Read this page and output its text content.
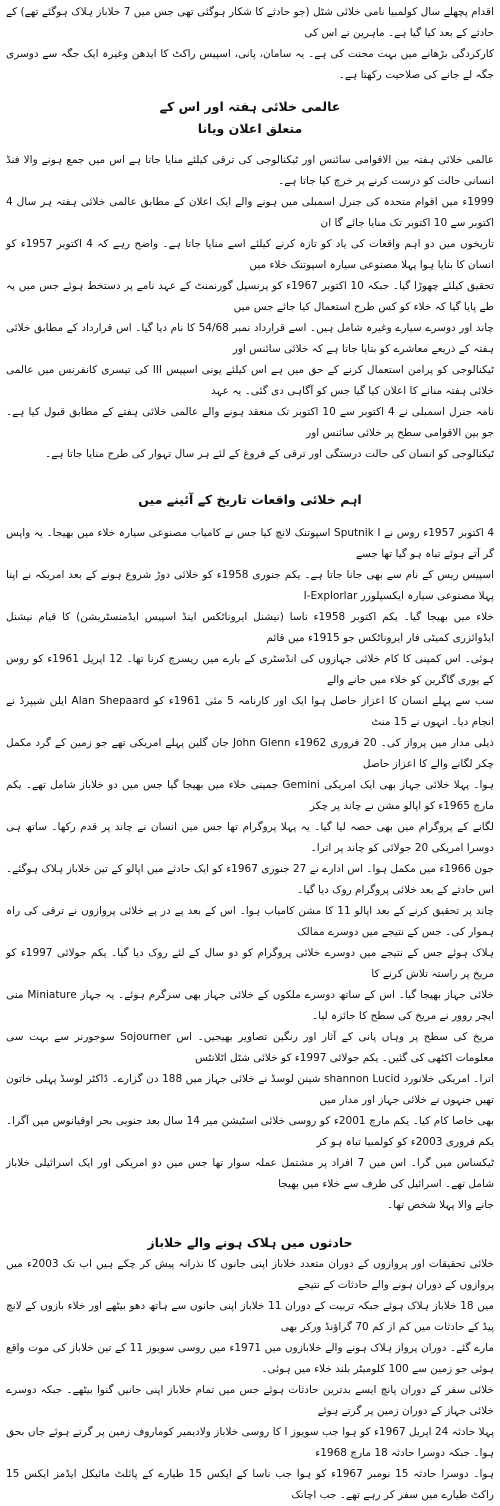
اقدام پچھلے سال کولمبیا نامی خلائی شٹل (جو حادثے کا شکار ہوگئی تھی جس میں 7 خلاباز ہلاک ہوگئے تھے) کے حادثے کے بعد کیا گیا ہے۔ ماہرین نے اس کی

کارکردگی بڑھانے میں بہت محنت کی ہے۔ یہ سامان، پانی، اسپیس راکٹ کا ایدھن وغیرہ ایک جگہ سے دوسری جگہ لے جانے کی صلاحیت رکھتا ہے۔

عالمی خلائی ہفتہ اور اس کے
متعلق اعلان ویانا

عالمی خلائی ہفتہ بین الاقوامی سائنس اور ٹیکنالوجی کی ترقی کیلئے منایا جاتا ہے اس میں جمع ہونے والا فنڈ انسانی حالت کو درست کرنے پر خرچ کیا جاتا ہے۔

1999ء میں اقوام متحدہ کی جنرل اسمبلی میں ہونے والے ایک اعلان کے مطابق عالمی خلائی ہفتہ ہر سال 4 اکتوبر سے 10 اکتوبر تک منایا جائے گا ان

تاریخوں میں دو اہم واقعات کی یاد کو تازہ کرنے کیلئے اسے منایا جاتا ہے۔ واضح رہے کہ 4 اکتوبر 1957ء کو انسان کا بنایا ہوا پہلا مصنوعی سیارہ اسپوتنک خلاء میں

تحقیق کیلئے چھوڑا گیا۔ جبکہ 10 اکتوبر 1967ء کو پرنسپل گورنمنٹ کے عہد نامے پر دستخط ہوئے جس میں یہ طے پایا گیا کہ خلاء کو کس طرح استعمال کیا جائے جس میں

چاند اور دوسرے سیارے وغیرہ شامل ہیں۔ اسے قرارداد نمبر 54/68 کا نام دیا گیا۔ اس قرارداد کے مطابق خلائی ہفتہ کے ذریعے معاشرے کو بتایا جاتا ہے کہ خلائی سائنس اور

ٹیکنالوجی کو پرامن استعمال کرنے کے حق میں ہے اس کیلئے یونی اسپیس III کی تیسری کانفرنس میں عالمی خلائی ہفتہ منانے کا اعلان کیا گیا جس کو آگاہی دی گئی۔ یہ عہد

نامہ جنرل اسمبلی نے 4 اکتوبر سے 10 اکتوبر تک منعقد ہونے والے عالمی خلائی ہفتے کے مطابق قبول کیا ہے۔ جو بین الاقوامی سطح پر خلائی سائنس اور

ٹیکنالوجی کو انسان کی حالت درستگی اور ترقی کے فروغ کے لئے ہر سال تہوار کی طرح منایا جاتا ہے۔

اہم خلائی واقعات تاریخ کے آئینے میں

4 اکتوبر 1957ء روس نے Sputnik I اسپوتنک لانچ کیا جس نے کامیاب مصنوعی سیارہ خلاء میں بھیجا۔ یہ واپس گر آتے ہوئے تباہ ہو گیا تھا جسے

اسپیس ریس کے نام سے بھی جانا جاتا ہے۔ یکم جنوری 1958ء کو خلائی دوڑ شروع ہونے کے بعد امریکہ نے اپنا پہلا مصنوعی سیارہ ایکسپلورر I-Explorlar

خلاء میں بھیجا گیا۔ یکم اکتوبر 1958ء ناسا (نیشنل ایروناٹکس اینڈ اسپیس ایڈمنسٹریشن) کا قیام نیشنل ایڈوائزری کمیٹی فار ایروناٹکس جو 1915ء میں قائم

ہوئی۔ اس کمپنی کا کام خلائی جہازوں کی انڈسٹری کے بارے میں ریسرچ کرنا تھا۔ 12 اپریل 1961ء کو روس کے یوری گاگرین کو خلاء میں جانے والے

سب سے پہلے انسان کا اعزاز حاصل ہوا ایک اور کارنامہ 5 مئی 1961ء کو Alan Shepaard ایلن شیپرڈ نے انجام دیا۔ انہوں نے 15 منٹ

ذیلی مدار میں پرواز کی۔ 20 فروری 1962ء John Glenn جان گلین پہلے امریکی تھے جو زمین کے گرد مکمل چکر لگانے والے کا اعزاز حاصل

ہوا۔ پہلا خلائی جہاز بھی ایک امریکی Gemini جمینی خلاء میں بھیجا گیا جس میں دو خلاباز شامل تھے۔ یکم مارچ 1965ء کو اپالو مشن نے چاند پر چکر

لگانے کے پروگرام میں بھی حصہ لیا گیا۔ یہ پہلا پروگرام تھا جس میں انسان نے چاند پر قدم رکھا۔ ساتھ ہی دوسرا امریکی 20 جولائی کو چاند پر اترا۔

جون 1966ء میں مکمل ہوا۔ اس ادارے نے 27 جنوری 1967ء کو ایک حادثے میں اپالو کے تین خلاباز ہلاک ہوگئے۔ اس حادثے کے بعد خلائی پروگرام روک دیا گیا۔

چاند پر تحقیق کرنے کے بعد اپالو 11 کا مشن کامیاب ہوا۔ اس کے بعد پے در پے خلائی پروازوں نے ترقی کی راہ ہموار کی۔ جس کے نتیجے میں دوسرے ممالک

ہلاک ہوئے جس کے نتیجے میں دوسرے خلائی پروگرام کو دو سال کے لئے روک دیا گیا۔ یکم جولائی 1997ء کو مریخ پر راستہ تلاش کرنے کا

خلائی جہاز بھیجا گیا۔ اس کے ساتھ دوسرے ملکوں کے خلائی جہاز بھی سرگرم ہوئے۔ یہ جہاز Miniature منی ایچر روور نے مریخ کی سطح کا جائزہ لیا۔

مریخ کی سطح پر وہاں پانی کے آثار اور رنگین تصاویر بھیجیں۔ اس Sojourner سوجورنر سے بہت سی معلومات اکٹھی کی گئیں۔ یکم جولائی 1997ء کو خلائی شٹل اٹلانٹس

اترا۔ امریکی خلانورد shannon Lucid شینن لوسڈ نے خلائی جہاز میں 188 دن گزارے۔ ڈاکٹر لوسڈ پہلی خاتون تھیں جنہوں نے خلائی جہاز اور مدار میں

بھی خاصا کام کیا۔ یکم مارچ 2001ء کو روسی خلائی اسٹیشن میر 14 سال بعد جنوبی بحر اوقیانوس میں آگرا۔ یکم فروری 2003ء کو کولمبیا تباہ ہو کر

ٹیکساس میں گرا۔ اس میں 7 افراد پر مشتمل عملہ سوار تھا جس میں دو امریکی اور ایک اسرائیلی خلاباز شامل تھے۔ اسرائیل کی طرف سے خلاء میں بھیجا

جانے والا پہلا شخص تھا۔

حادثوں میں ہلاک ہونے والے خلاباز

خلائی تحقیقات اور پروازوں کے دوران متعدد خلاباز اپنی جانوں کا نذرانہ پیش کر چکے ہیں اب تک 2003ء میں پروازوں کے دوران ہونے والے حادثات کے نتیجے

میں 18 خلاباز ہلاک ہوئے جبکہ تربیت کے دوران 11 خلاباز اپنی جانوں سے ہاتھ دھو بیٹھے اور خلاء بازوں کے لانچ پیڈ کے حادثات میں کم از کم 70 گراؤنڈ ورکر بھی

مارے گئے۔ دوران پرواز ہلاک ہونے والے خلابازوں میں 1971ء میں روسی سویوز 11 کے تین خلاباز کی موت واقع ہوئی جو زمین سے 100 کلومیٹر بلند خلاء میں ہوئی۔

خلائی سفر کے دوران پانچ ایسے بدترین حادثات ہوئے جس میں تمام خلاباز اپنی جانیں گنوا بیٹھے۔ جبکہ دوسرے خلائی جہاز کے دوران زمین پر گرتے ہوئے

پہلا حادثہ 24 اپریل 1967ء کو ہوا جب سویوز I کا روسی خلاباز ولادیمیر کوماروف زمین پر گرتے ہوئے جاں بحق ہوا۔ جبکہ دوسرا حادثہ 18 مارچ 1968ء

ہوا۔ دوسرا حادثہ 15 نومبر 1967ء کو ہوا جب ناسا کے ایکس 15 طیارے کے پائلٹ مائیکل ایڈمز ایکس 15 راکٹ طیارے میں سفر کر رہے تھے۔ جب اچانک
